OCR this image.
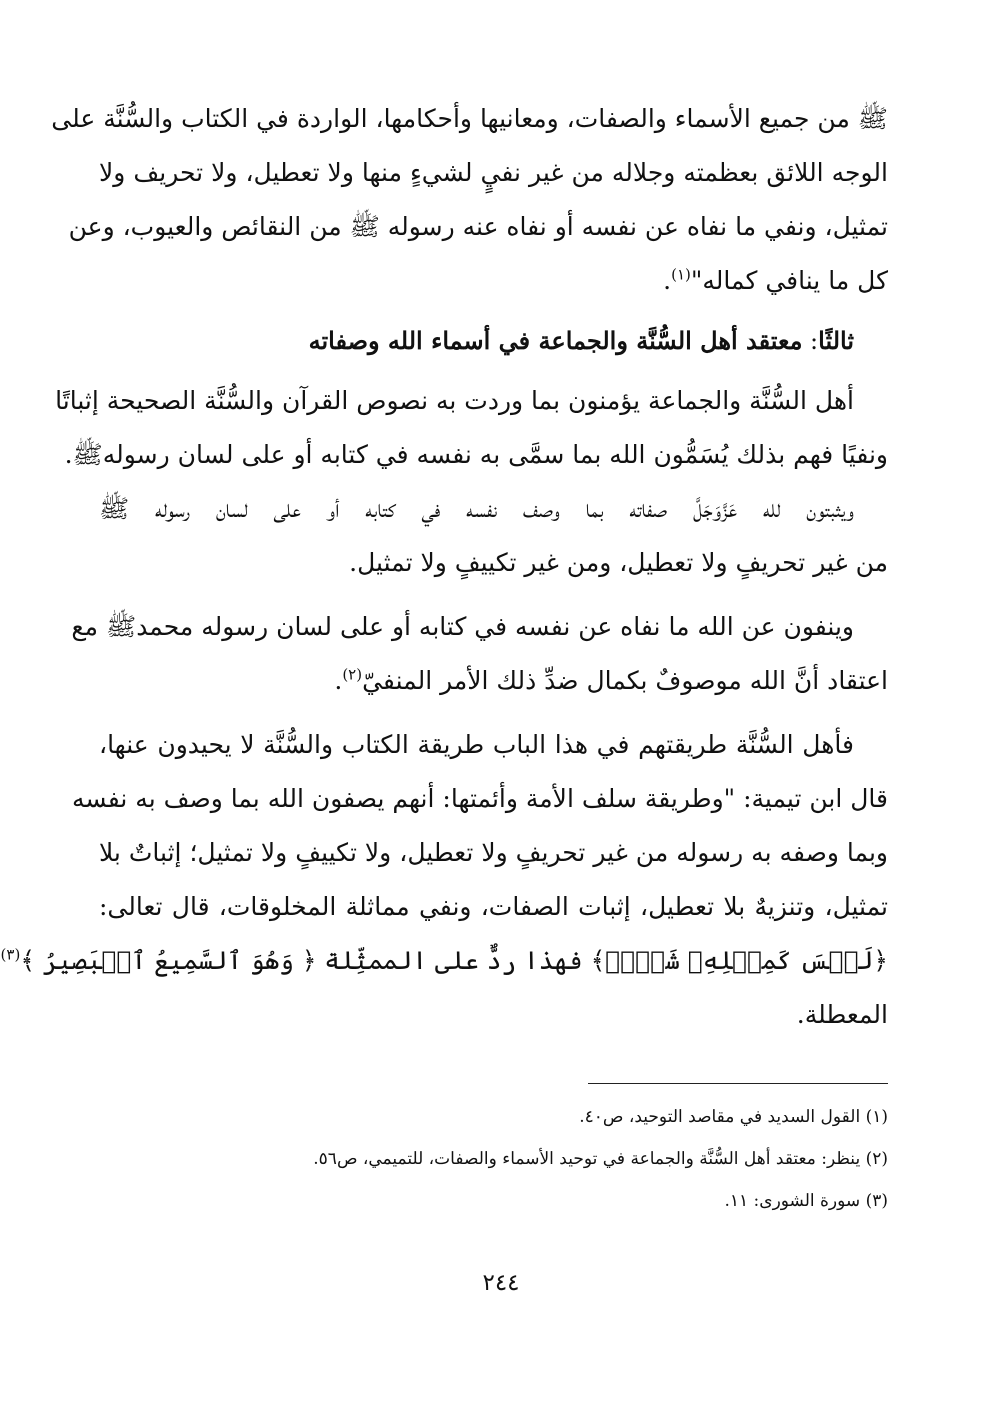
ﷺ من جميع الأسماء والصفات، ومعانيها وأحكامها، الواردة في الكتاب والسُّنَّة على

الوجه اللائق بعظمته وجلاله من غير نفيٍ لشيءٍ منها ولا تعطيل، ولا تحريف ولا

تمثيل، ونفي ما نفاه عن نفسه أو نفاه عنه رسوله ﷺ من النقائص والعيوب، وعن

كل ما ينافي كماله"$^{(١)}$.

ثالثًا: معتقد أهل السُّنَّة والجماعة في أسماء الله وصفاته

أهل السُّنَّة والجماعة يؤمنون بما وردت به نصوص القرآن والسُّنَّة الصحيحة إثباتًا

ونفيًا فهم بذلك يُسَمُّون الله بما سمَّى به نفسه في كتابه أو على لسان رسولهﷺ.

ويثبتون لله عَزَّوَجَلَّ صفاته بما وصف نفسه في كتابه أو على لسان رسوله ﷺ

من غير تحريفٍ ولا تعطيل، ومن غير تكييفٍ ولا تمثيل.

وينفون عن الله ما نفاه عن نفسه في كتابه أو على لسان رسوله محمدﷺ مع

اعتقاد أنَّ الله موصوفٌ بكمال ضدِّ ذلك الأمر المنفيّ$^{(٢)}$.

فأهل السُّنَّة طريقتهم في هذا الباب طريقة الكتاب والسُّنَّة لا يحيدون عنها،

قال ابن تيمية: "وطريقة سلف الأمة وأئمتها: أنهم يصفون الله بما وصف به نفسه

وبما وصفه به رسوله من غير تحريفٍ ولا تعطيل، ولا تكييفٍ ولا تمثيل؛ إثباتٌ بلا

تمثيل، وتنزيهٌ بلا تعطيل، إثبات الصفات، ونفي مماثلة المخلوقات، قال تعالى:

﴿لَيۡسَ كَمِثۡلِهِۦ شَيۡءٞ﴾ فهذا ردٌّ على الممثِّلة ﴿ وَهُوَ ٱلسَّمِيعُ ٱلۡبَصِيرُ ﴾$^{(٣)}$

المعطلة.

(١) القول السديد في مقاصد التوحيد، ص٤٠.

(٢) ينظر: معتقد أهل السُّنَّة والجماعة في توحيد الأسماء والصفات، للتميمي، ص٥٦.

(٣) سورة الشورى: ١١.

٢٤٤
